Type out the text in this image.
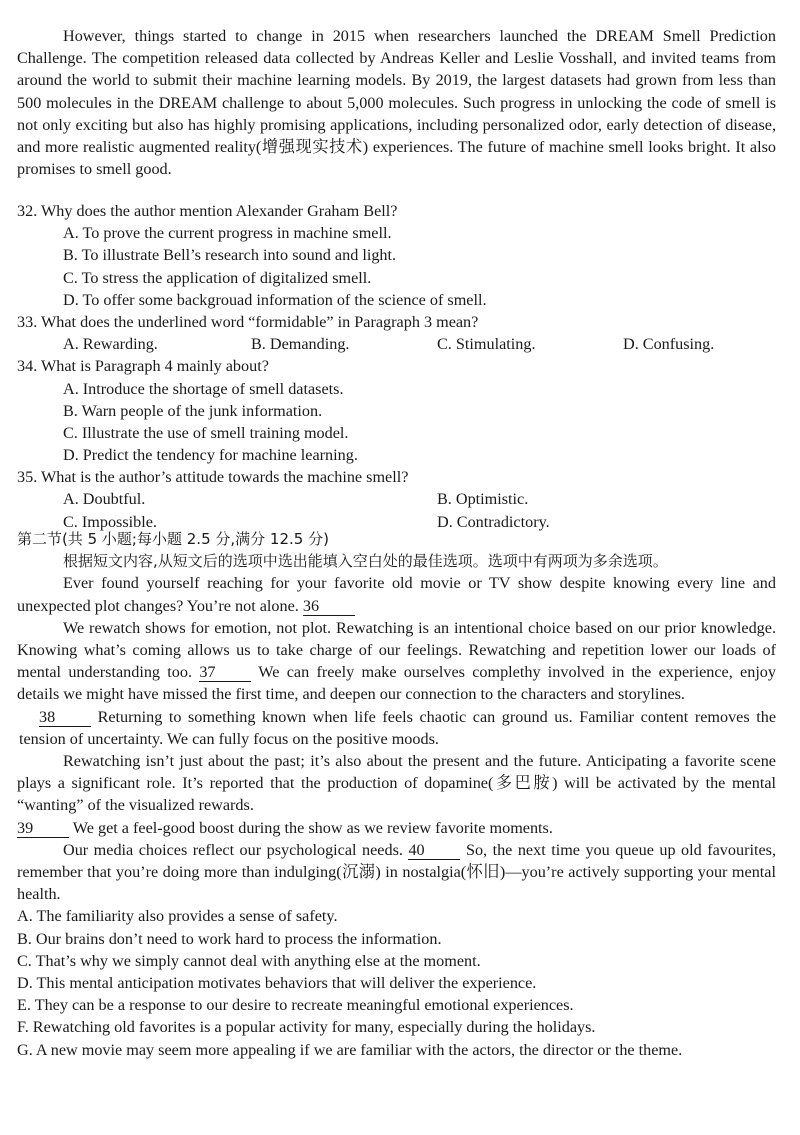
However, things started to change in 2015 when researchers launched the DREAM Smell Prediction Challenge. The competition released data collected by Andreas Keller and Leslie Vosshall, and invited teams from around the world to submit their machine learning models. By 2019, the largest datasets had grown from less than 500 molecules in the DREAM challenge to about 5,000 molecules. Such progress in unlocking the code of smell is not only exciting but also has highly promising applications, including personalized odor, early detection of disease, and more realistic augmented reality(增强现实技术) experiences. The future of machine smell looks bright. It also promises to smell good.

32. Why does the author mention Alexander Graham Bell?
A. To prove the current progress in machine smell.
B. To illustrate Bell’s research into sound and light.
C. To stress the application of digitalized smell.
D. To offer some backgrouad information of the science of smell.
33. What does the underlined word “formidable” in Paragraph 3 mean?
A. Rewarding.	B. Demanding.	C. Stimulating.	D. Confusing.
34. What is Paragraph 4 mainly about?
A. Introduce the shortage of smell datasets.
B. Warn people of the junk information.
C. Illustrate the use of smell training model.
D. Predict the tendency for machine learning.
35. What is the author’s attitude towards the machine smell?
A. Doubtful.	B. Optimistic.
C. Impossible.	D. Contradictory.
第二节(共 5 小题;每小题 2.5 分,满分 12.5 分)
根据短文内容,从短文后的选项中选出能填入空白处的最佳选项。选项中有两项为多余选项。

Ever found yourself reaching for your favorite old movie or TV show despite knowing every line and unexpected plot changes? You’re not alone. 36

We rewatch shows for emotion, not plot. Rewatching is an intentional choice based on our prior knowledge. Knowing what’s coming allows us to take charge of our feelings. Rewatching and repetition lower our loads of mental understanding too. 37	We can freely make ourselves complethy involved in the experience, enjoy details we might have missed the first time, and deepen our connection to the characters and storylines.

38	Returning to something known when life feels chaotic can ground us. Familiar content removes the tension of uncertainty. We can fully focus on the positive moods.

Rewatching isn’t just about the past; it’s also about the present and the future. Anticipating a favorite scene plays a significant role. It’s reported that the production of dopamine(多巴胺) will be activated by the mental “wanting” of the visualized rewards.

39 We get a feel-good boost during the show as we review favorite moments.

Our media choices reflect our psychological needs. 40	So, the next time you queue up old favourites, remember that you’re doing more than indulging(沉溺) in nostalgia(怀旧)—you’re actively supporting your mental health.

A. The familiarity also provides a sense of safety.
B. Our brains don’t need to work hard to process the information.
C. That’s why we simply cannot deal with anything else at the moment.
D. This mental anticipation motivates behaviors that will deliver the experience.
E. They can be a response to our desire to recreate meaningful emotional experiences.
F. Rewatching old favorites is a popular activity for many, especially during the holidays.

G. A new movie may seem more appealing if we are familiar with the actors, the director or the theme.
